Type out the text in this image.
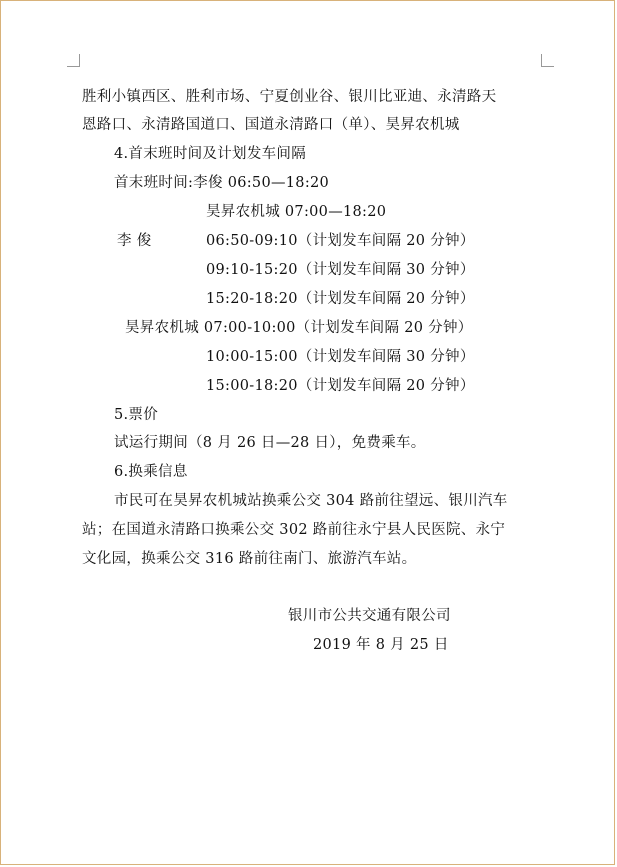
胜利小镇西区、胜利市场、宁夏创业谷、银川比亚迪、永清路天
恩路口、永清路国道口、国道永清路口（单）、昊昇农机城
4.首末班时间及计划发车间隔
首末班时间:李俊 06:50—18:20
昊昇农机城 07:00—18:20
李 俊	06:50-09:10（计划发车间隔 20 分钟）
09:10-15:20（计划发车间隔 30 分钟）
15:20-18:20（计划发车间隔 20 分钟）
昊昇农机城 07:00-10:00（计划发车间隔 20 分钟）
10:00-15:00（计划发车间隔 30 分钟）
15:00-18:20（计划发车间隔 20 分钟）
5.票价
试运行期间（8 月 26 日—28 日），免费乘车。
6.换乘信息
市民可在昊昇农机城站换乘公交 304 路前往望远、银川汽车
站；在国道永清路口换乘公交 302 路前往永宁县人民医院、永宁
文化园，换乘公交 316 路前往南门、旅游汽车站。
银川市公共交通有限公司
2019 年 8 月 25 日
